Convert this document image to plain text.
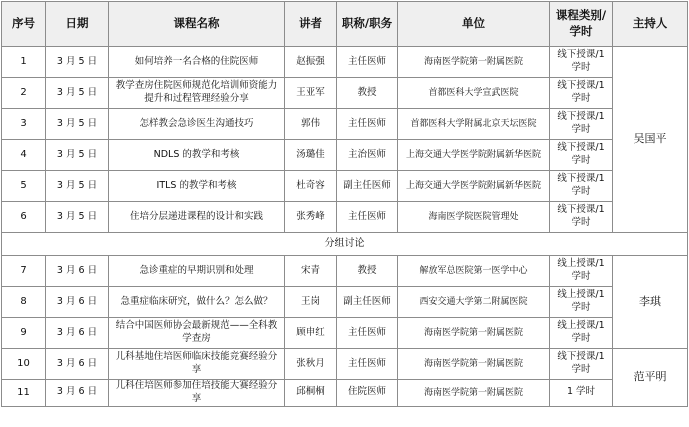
序号	日期	课程名称	讲者	职称/职务	单位	课程类别/学时	主持人
1	3 月 5 日	如何培养一名合格的住院医师	赵振强	主任医师	海南医学院第一附属医院	线下授课/1 学时	吴国平
2	3 月 5 日	教学查房住院医师规范化培训师资能力提升和过程管理经验分享	王亚军	教授	首都医科大学宣武医院	线下授课/1 学时	
3	3 月 5 日	怎样教会急诊医生沟通技巧	郭伟	主任医师	首都医科大学附属北京天坛医院	线下授课/1 学时	
4	3 月 5 日	NDLS 的教学和考核	汤璐佳	主治医师	上海交通大学医学院附属新华医院	线下授课/1 学时	
5	3 月 5 日	ITLS 的教学和考核	杜奇容	副主任医师	上海交通大学医学院附属新华医院	线下授课/1 学时	
6	3 月 5 日	住培分层递进课程的设计和实践	张秀峰	主任医师	海南医学院医院管理处	线下授课/1 学时	
分组讨论							
7	3 月 6 日	急诊重症的早期识别和处理	宋青	教授	解放军总医院第一医学中心	线上授课/1 学时	李琪
8	3 月 6 日	急重症临床研究，做什么？怎么做？	王岗	副主任医师	西安交通大学第二附属医院	线上授课/1 学时	
9	3 月 6 日	结合中国医师协会最新规范——全科教学查房	顾申红	主任医师	海南医学院第一附属医院	线上授课/1 学时	
10	3 月 6 日	儿科基地住培医师临床技能竞赛经验分享	张秋月	主任医师	海南医学院第一附属医院	线下授课/1 学时	范平明
11	3 月 6 日	儿科住培医师参加住培技能大赛经验分享	邱桐桐	住院医师	海南医学院第一附属医院	1 学时	
